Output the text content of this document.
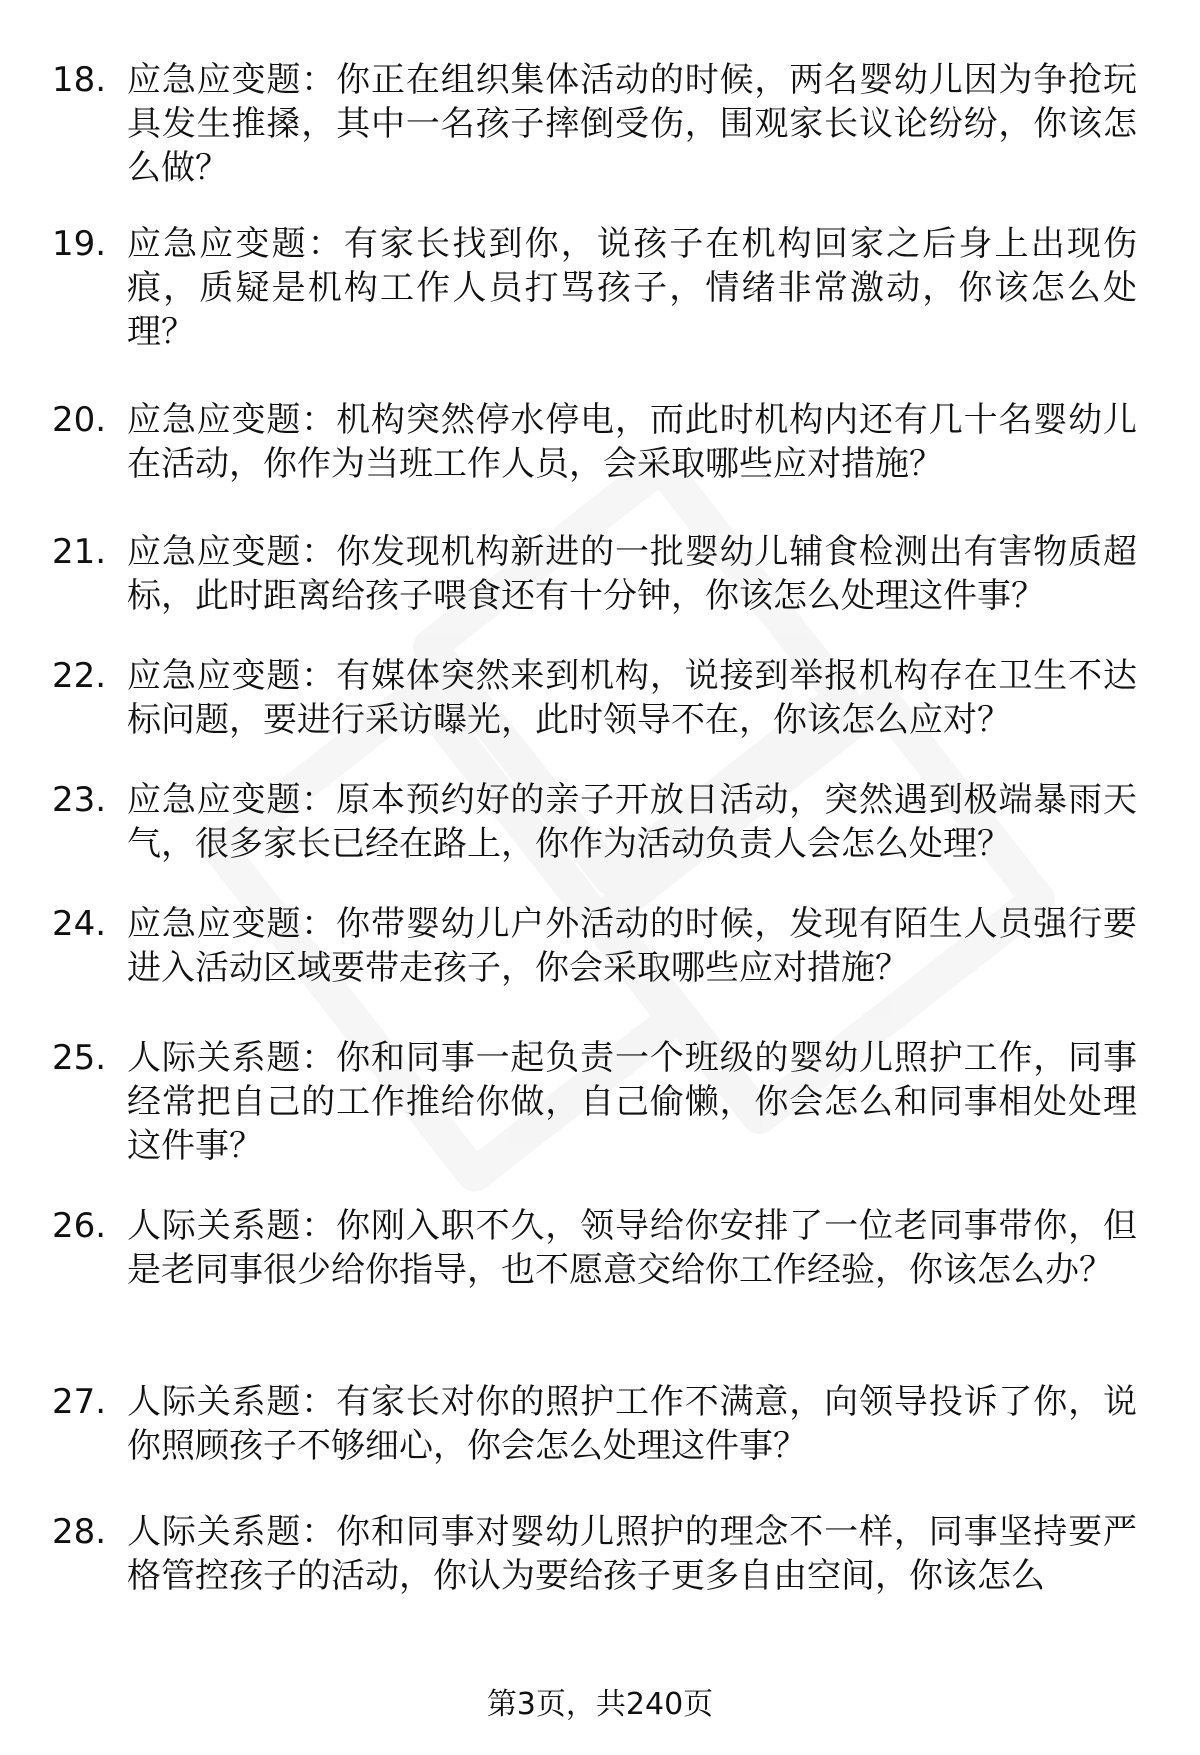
18. 应急应变题：你正在组织集体活动的时候，两名婴幼儿因为争抢玩具发生推搡，其中一名孩子摔倒受伤，围观家长议论纷纷，你该怎么做？
19. 应急应变题：有家长找到你，说孩子在机构回家之后身上出现伤痕，质疑是机构工作人员打骂孩子，情绪非常激动，你该怎么处理？
20. 应急应变题：机构突然停水停电，而此时机构内还有几十名婴幼儿在活动，你作为当班工作人员，会采取哪些应对措施？
21. 应急应变题：你发现机构新进的一批婴幼儿辅食检测出有害物质超标，此时距离给孩子喂食还有十分钟，你该怎么处理这件事？
22. 应急应变题：有媒体突然来到机构，说接到举报机构存在卫生不达标问题，要进行采访曝光，此时领导不在，你该怎么应对？
23. 应急应变题：原本预约好的亲子开放日活动，突然遇到极端暴雨天气，很多家长已经在路上，你作为活动负责人会怎么处理？
24. 应急应变题：你带婴幼儿户外活动的时候，发现有陌生人员强行要进入活动区域要带走孩子，你会采取哪些应对措施？
25. 人际关系题：你和同事一起负责一个班级的婴幼儿照护工作，同事经常把自己的工作推给你做，自己偷懒，你会怎么和同事相处处理这件事？
26. 人际关系题：你刚入职不久，领导给你安排了一位老同事带你，但是老同事很少给你指导，也不愿意交给你工作经验，你该怎么办？
27. 人际关系题：有家长对你的照护工作不满意，向领导投诉了你，说你照顾孩子不够细心，你会怎么处理这件事？
28. 人际关系题：你和同事对婴幼儿照护的理念不一样，同事坚持要严格管控孩子的活动，你认为要给孩子更多自由空间，你该怎么
第3页，共240页
